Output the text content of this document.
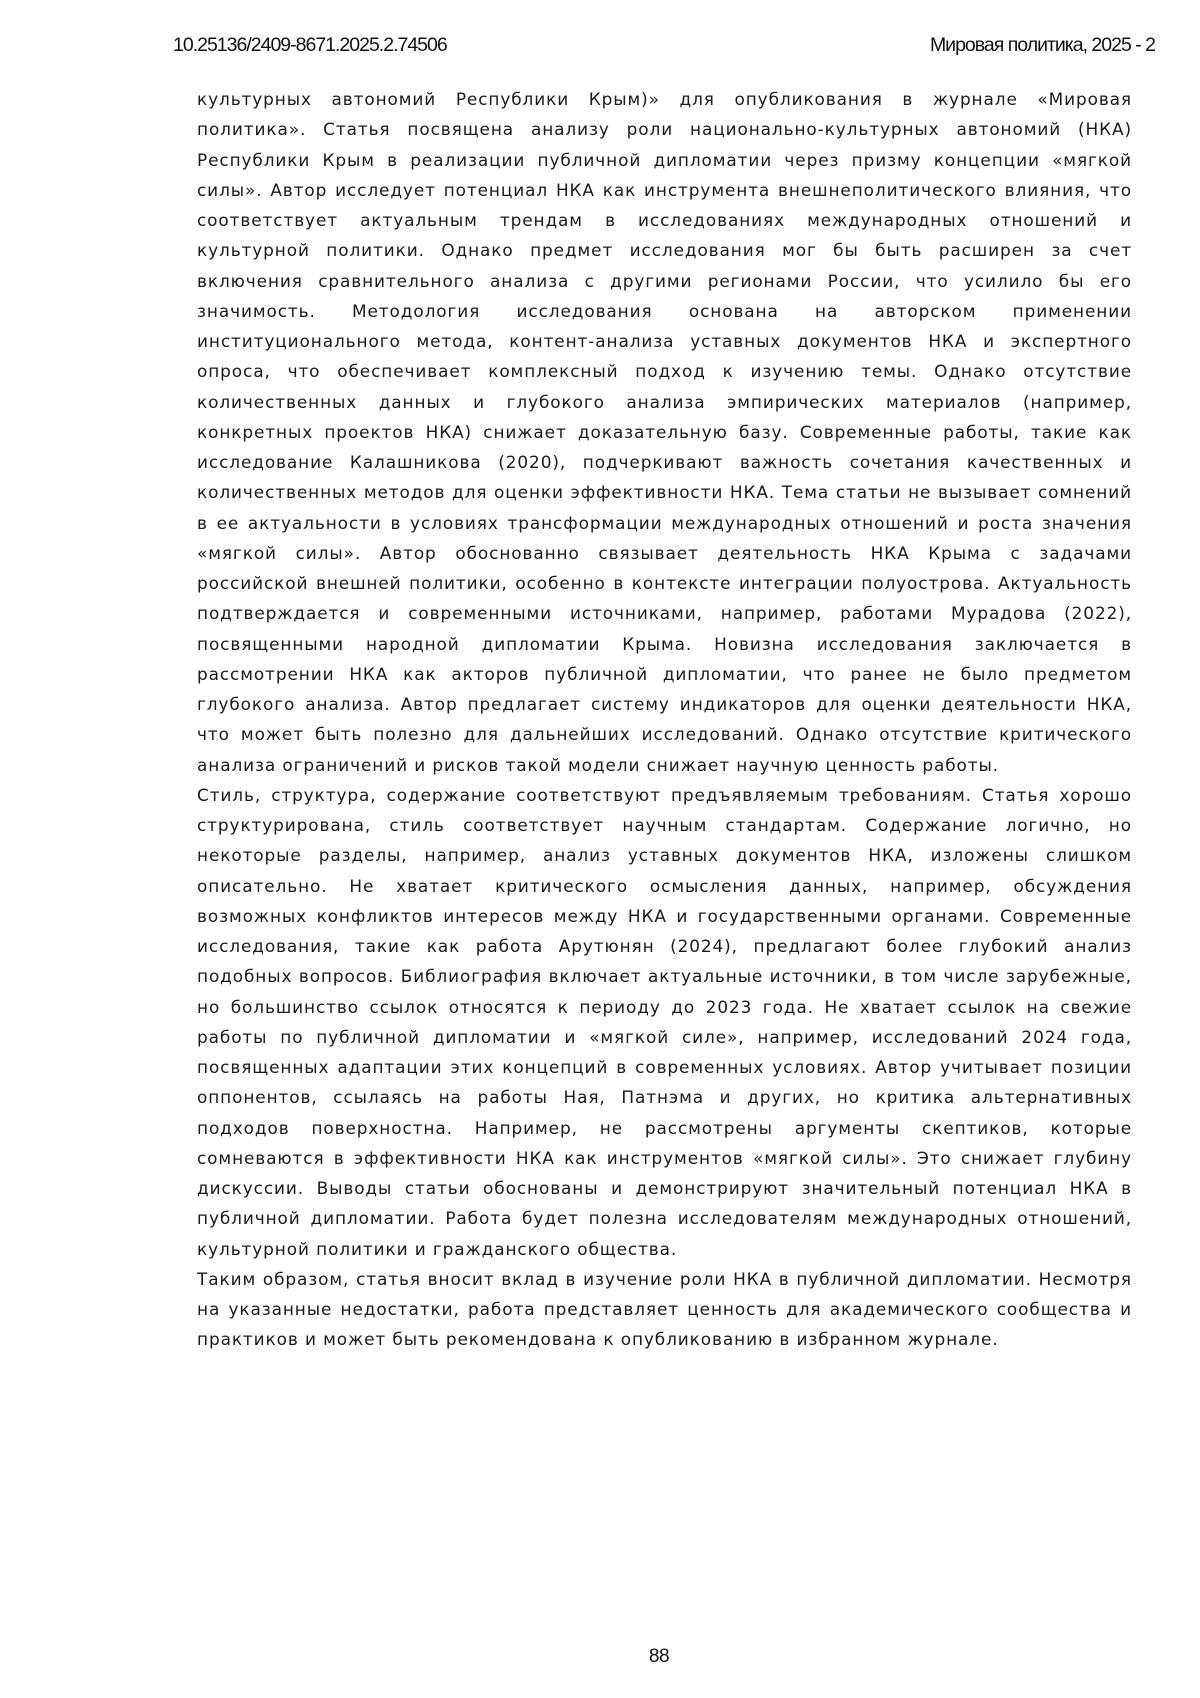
10.25136/2409-8671.2025.2.74506	Мировая политика, 2025 - 2

культурных автономий Республики Крым)» для опубликования в журнале «Мировая политика». Статья посвящена анализу роли национально-культурных автономий (НКА) Республики Крым в реализации публичной дипломатии через призму концепции «мягкой силы». Автор исследует потенциал НКА как инструмента внешнеполитического влияния, что соответствует актуальным трендам в исследованиях международных отношений и культурной политики. Однако предмет исследования мог бы быть расширен за счет включения сравнительного анализа с другими регионами России, что усилило бы его значимость. Методология исследования основана на авторском применении институционального метода, контент-анализа уставных документов НКА и экспертного опроса, что обеспечивает комплексный подход к изучению темы. Однако отсутствие количественных данных и глубокого анализа эмпирических материалов (например, конкретных проектов НКА) снижает доказательную базу. Современные работы, такие как исследование Калашникова (2020), подчеркивают важность сочетания качественных и количественных методов для оценки эффективности НКА. Тема статьи не вызывает сомнений в ее актуальности в условиях трансформации международных отношений и роста значения «мягкой силы». Автор обоснованно связывает деятельность НКА Крыма с задачами российской внешней политики, особенно в контексте интеграции полуострова. Актуальность подтверждается и современными источниками, например, работами Мурадова (2022), посвященными народной дипломатии Крыма. Новизна исследования заключается в рассмотрении НКА как акторов публичной дипломатии, что ранее не было предметом глубокого анализа. Автор предлагает систему индикаторов для оценки деятельности НКА, что может быть полезно для дальнейших исследований. Однако отсутствие критического анализа ограничений и рисков такой модели снижает научную ценность работы.

Стиль, структура, содержание соответствуют предъявляемым требованиям. Статья хорошо структурирована, стиль соответствует научным стандартам. Содержание логично, но некоторые разделы, например, анализ уставных документов НКА, изложены слишком описательно. Не хватает критического осмысления данных, например, обсуждения возможных конфликтов интересов между НКА и государственными органами. Современные исследования, такие как работа Арутюнян (2024), предлагают более глубокий анализ подобных вопросов. Библиография включает актуальные источники, в том числе зарубежные, но большинство ссылок относятся к периоду до 2023 года. Не хватает ссылок на свежие работы по публичной дипломатии и «мягкой силе», например, исследований 2024 года, посвященных адаптации этих концепций в современных условиях. Автор учитывает позиции оппонентов, ссылаясь на работы Ная, Патнэма и других, но критика альтернативных подходов поверхностна. Например, не рассмотрены аргументы скептиков, которые сомневаются в эффективности НКА как инструментов «мягкой силы». Это снижает глубину дискуссии. Выводы статьи обоснованы и демонстрируют значительный потенциал НКА в публичной дипломатии. Работа будет полезна исследователям международных отношений, культурной политики и гражданского общества.

Таким образом, статья вносит вклад в изучение роли НКА в публичной дипломатии. Несмотря на указанные недостатки, работа представляет ценность для академического сообщества и практиков и может быть рекомендована к опубликованию в избранном журнале.

88
